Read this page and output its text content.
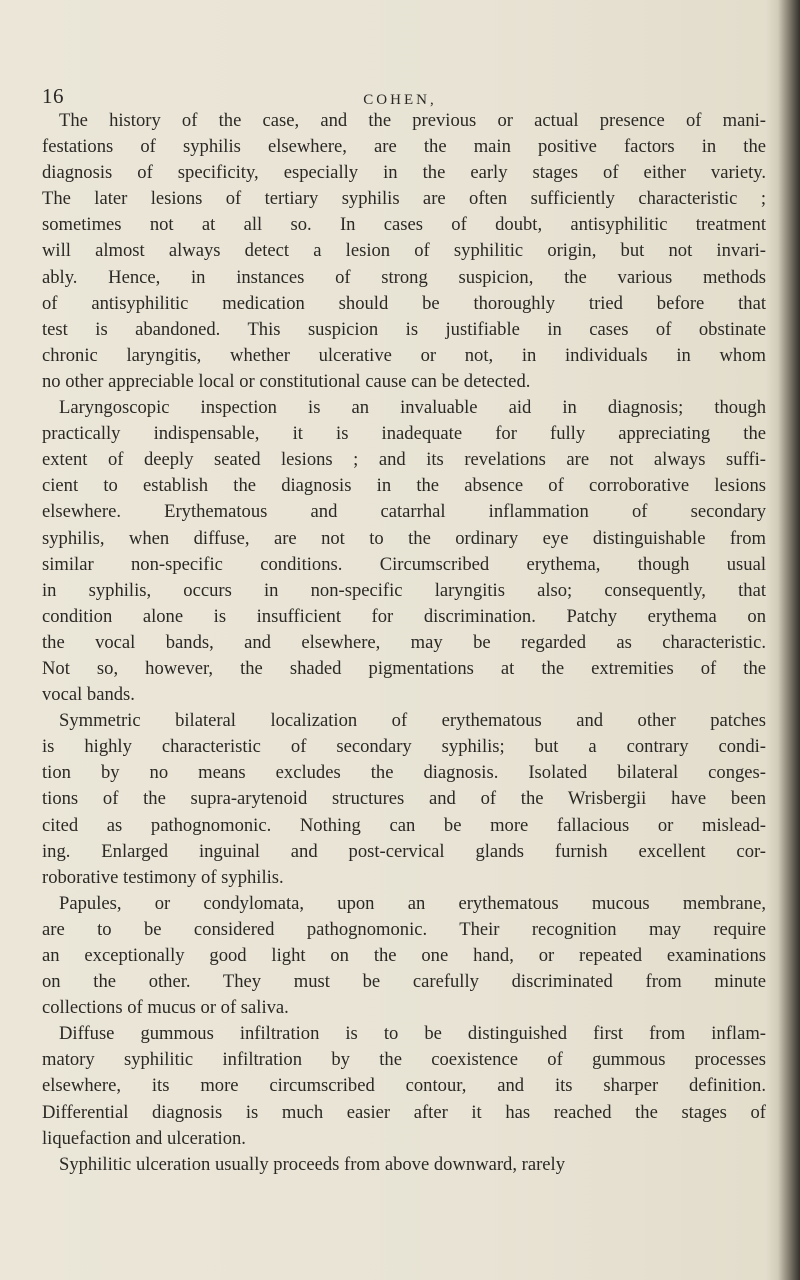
16	COHEN,
The history of the case, and the previous or actual presence of mani-
festations of syphilis elsewhere, are the main positive factors in the
diagnosis of specificity, especially in the early stages of either variety.
The later lesions of tertiary syphilis are often sufficiently characteristic ;
sometimes not at all so. In cases of doubt, antisyphilitic treatment
will almost always detect a lesion of syphilitic origin, but not invari-
ably. Hence, in instances of strong suspicion, the various methods
of antisyphilitic medication should be thoroughly tried before that
test is abandoned. This suspicion is justifiable in cases of obstinate
chronic laryngitis, whether ulcerative or not, in individuals in whom
no other appreciable local or constitutional cause can be detected.
Laryngoscopic inspection is an invaluable aid in diagnosis; though
practically indispensable, it is inadequate for fully appreciating the
extent of deeply seated lesions ; and its revelations are not always suffi-
cient to establish the diagnosis in the absence of corroborative lesions
elsewhere. Erythematous and catarrhal inflammation of secondary
syphilis, when diffuse, are not to the ordinary eye distinguishable from
similar non-specific conditions. Circumscribed erythema, though usual
in syphilis, occurs in non-specific laryngitis also; consequently, that
condition alone is insufficient for discrimination. Patchy erythema on
the vocal bands, and elsewhere, may be regarded as characteristic.
Not so, however, the shaded pigmentations at the extremities of the
vocal bands.
Symmetric bilateral localization of erythematous and other patches
is highly characteristic of secondary syphilis; but a contrary condi-
tion by no means excludes the diagnosis. Isolated bilateral conges-
tions of the supra-arytenoid structures and of the Wrisbergii have been
cited as pathognomonic. Nothing can be more fallacious or mislead-
ing. Enlarged inguinal and post-cervical glands furnish excellent cor-
roborative testimony of syphilis.
Papules, or condylomata, upon an erythematous mucous membrane,
are to be considered pathognomonic. Their recognition may require
an exceptionally good light on the one hand, or repeated examinations
on the other. They must be carefully discriminated from minute
collections of mucus or of saliva.
Diffuse gummous infiltration is to be distinguished first from inflam-
matory syphilitic infiltration by the coexistence of gummous processes
elsewhere, its more circumscribed contour, and its sharper definition.
Differential diagnosis is much easier after it has reached the stages of
liquefaction and ulceration.
Syphilitic ulceration usually proceeds from above downward, rarely
